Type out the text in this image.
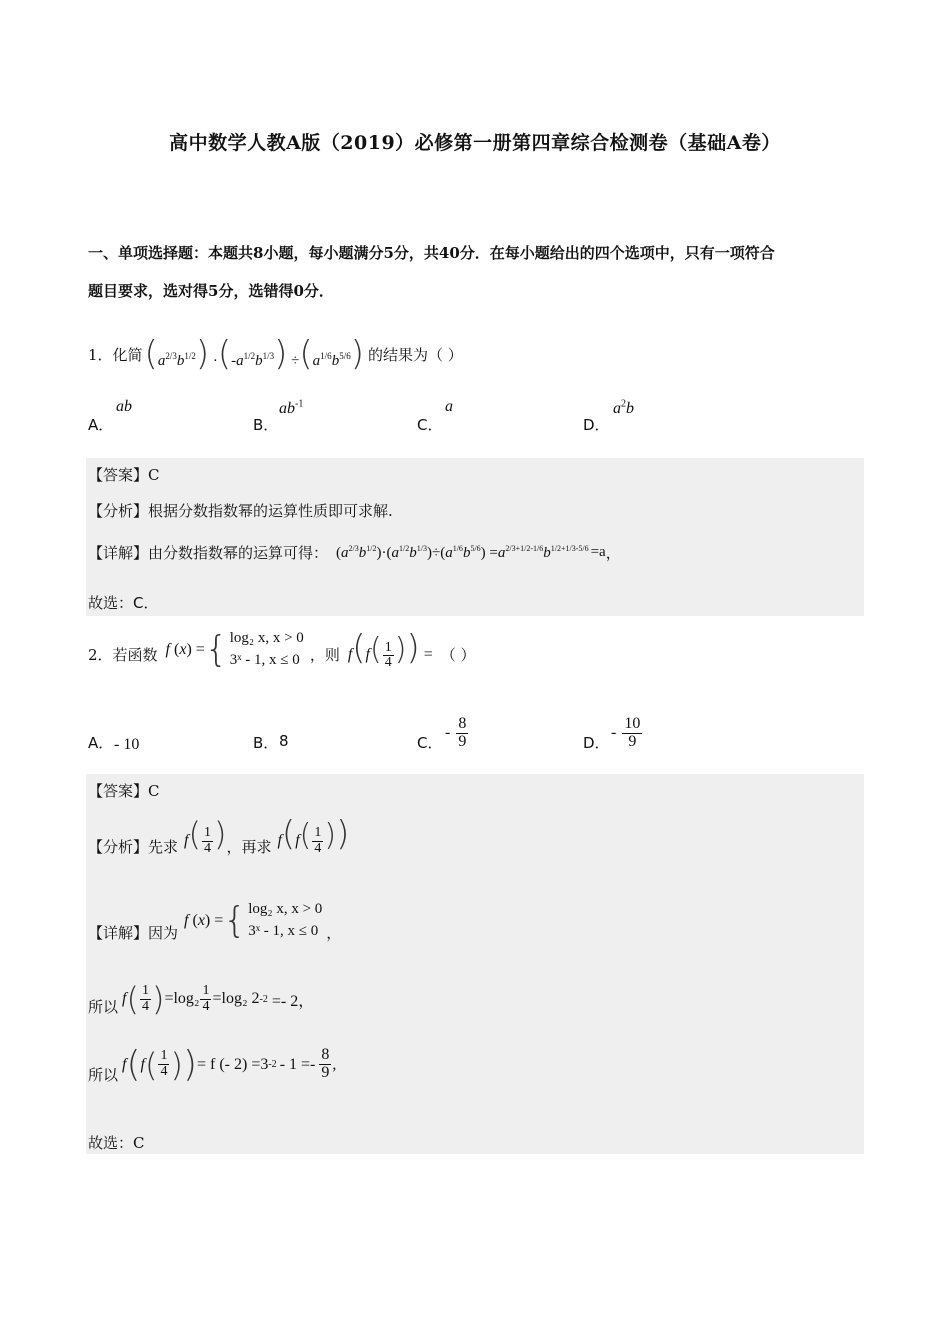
高中数学人教A版（2019）必修第一册第四章综合检测卷（基础A卷）
一、单项选择题：本题共8小题，每小题满分5分，共40分．在每小题给出的四个选项中，只有一项符合
题目要求，选对得5分，选错得0分．
1．化简 $(a^{2/3}b^{1/2}) \cdot(-a^{1/2}b^{1/3}) \div(a^{1/6}b^{5/6})$ 的结果为（ ）
A．
ab
B．
$ab^{-1}$
C．
a
D．
$a^2b$
【答案】C
【分析】根据分数指数幂的运算性质即可求解.
【详解】 由分数指数幂的运算可得： $(a^{2/3}b^{1/2})\cdot(a^{1/2}b^{1/3})\div(a^{1/6}b^{5/6}) =a^{2/3+1/2-1/6}b^{1/2+1/3-5/6} =a$ ，
故选：C．
2．若函数 f (x) = { log₂ x, x > 0
3ˣ - 1, x ≤ 0 ，则 $f(f( \frac{1}{4}$ )) = （ ）
A． - 10	B． 8	C．
- $\frac{8}{9}$	D．
- $\frac{10}{9}$
【答案】C
【分析】 先求 $f( \frac{1}{4}$ ) ，再求 $f(f( \frac{1}{4}$ ))
【详解】 因为
f (x) = { log₂ x, x > 0
3ˣ - 1, x ≤ 0 ，
所以 f ( $\frac{1}{4}$ ) $=\log_2 \frac{1}{4} =\log_2$ 2 -2 =- 2，
所以
f ( f ( $\frac{1}{4}$ ) ) = f (- 2) =3 $-2 - 1 =- \frac{8}{9}$ ,
故选：C
